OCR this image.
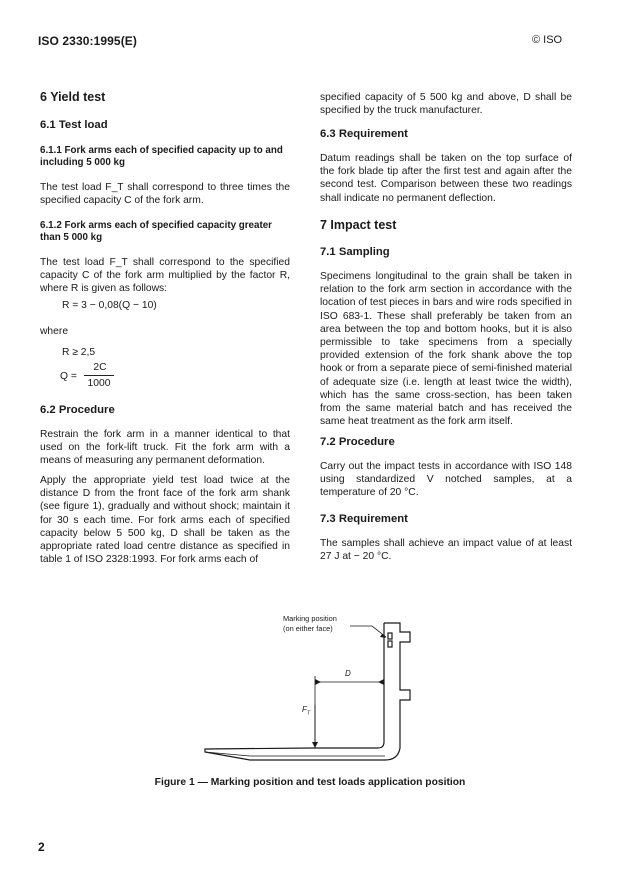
ISO 2330:1995(E)	© ISO
6 Yield test
6.1 Test load
6.1.1 Fork arms each of specified capacity up to and including 5 000 kg
The test load F_T shall correspond to three times the specified capacity C of the fork arm.
6.1.2 Fork arms each of specified capacity greater than 5 000 kg
The test load F_T shall correspond to the specified capacity C of the fork arm multiplied by the factor R, where R is given as follows:
R = 3 − 0,08(Q − 10)
where
R ≥ 2,5
Q =
2C
1000
6.2 Procedure
Restrain the fork arm in a manner identical to that used on the fork-lift truck. Fit the fork arm with a means of measuring any permanent deformation.
Apply the appropriate yield test load twice at the distance D from the front face of the fork arm shank (see figure 1), gradually and without shock; maintain it for 30 s each time. For fork arms each of specified capacity below 5 500 kg, D shall be taken as the appropriate rated load centre distance as specified in table 1 of ISO 2328:1993. For fork arms each of
specified capacity of 5 500 kg and above, D shall be specified by the truck manufacturer.
6.3 Requirement
Datum readings shall be taken on the top surface of the fork blade tip after the first test and again after the second test. Comparison between these two readings shall indicate no permanent deflection.
7 Impact test
7.1 Sampling
Specimens longitudinal to the grain shall be taken in relation to the fork arm section in accordance with the location of test pieces in bars and wire rods specified in ISO 683-1. These shall preferably be taken from an area between the top and bottom hooks, but it is also permissible to take specimens from a specially provided extension of the fork shank above the top hook or from a separate piece of semi-finished material of adequate size (i.e. length at least twice the width), which has the same cross-section, has been taken from the same material batch and has received the same heat treatment as the fork arm itself.
7.2 Procedure
Carry out the impact tests in accordance with ISO 148 using standardized V notched samples, at a temperature of 20 °C.
7.3 Requirement
The samples shall achieve an impact value of at least 27 J at − 20 °C.
Marking position
(on either face)
D
$F_T$
Figure 1 — Marking position and test loads application position
2
